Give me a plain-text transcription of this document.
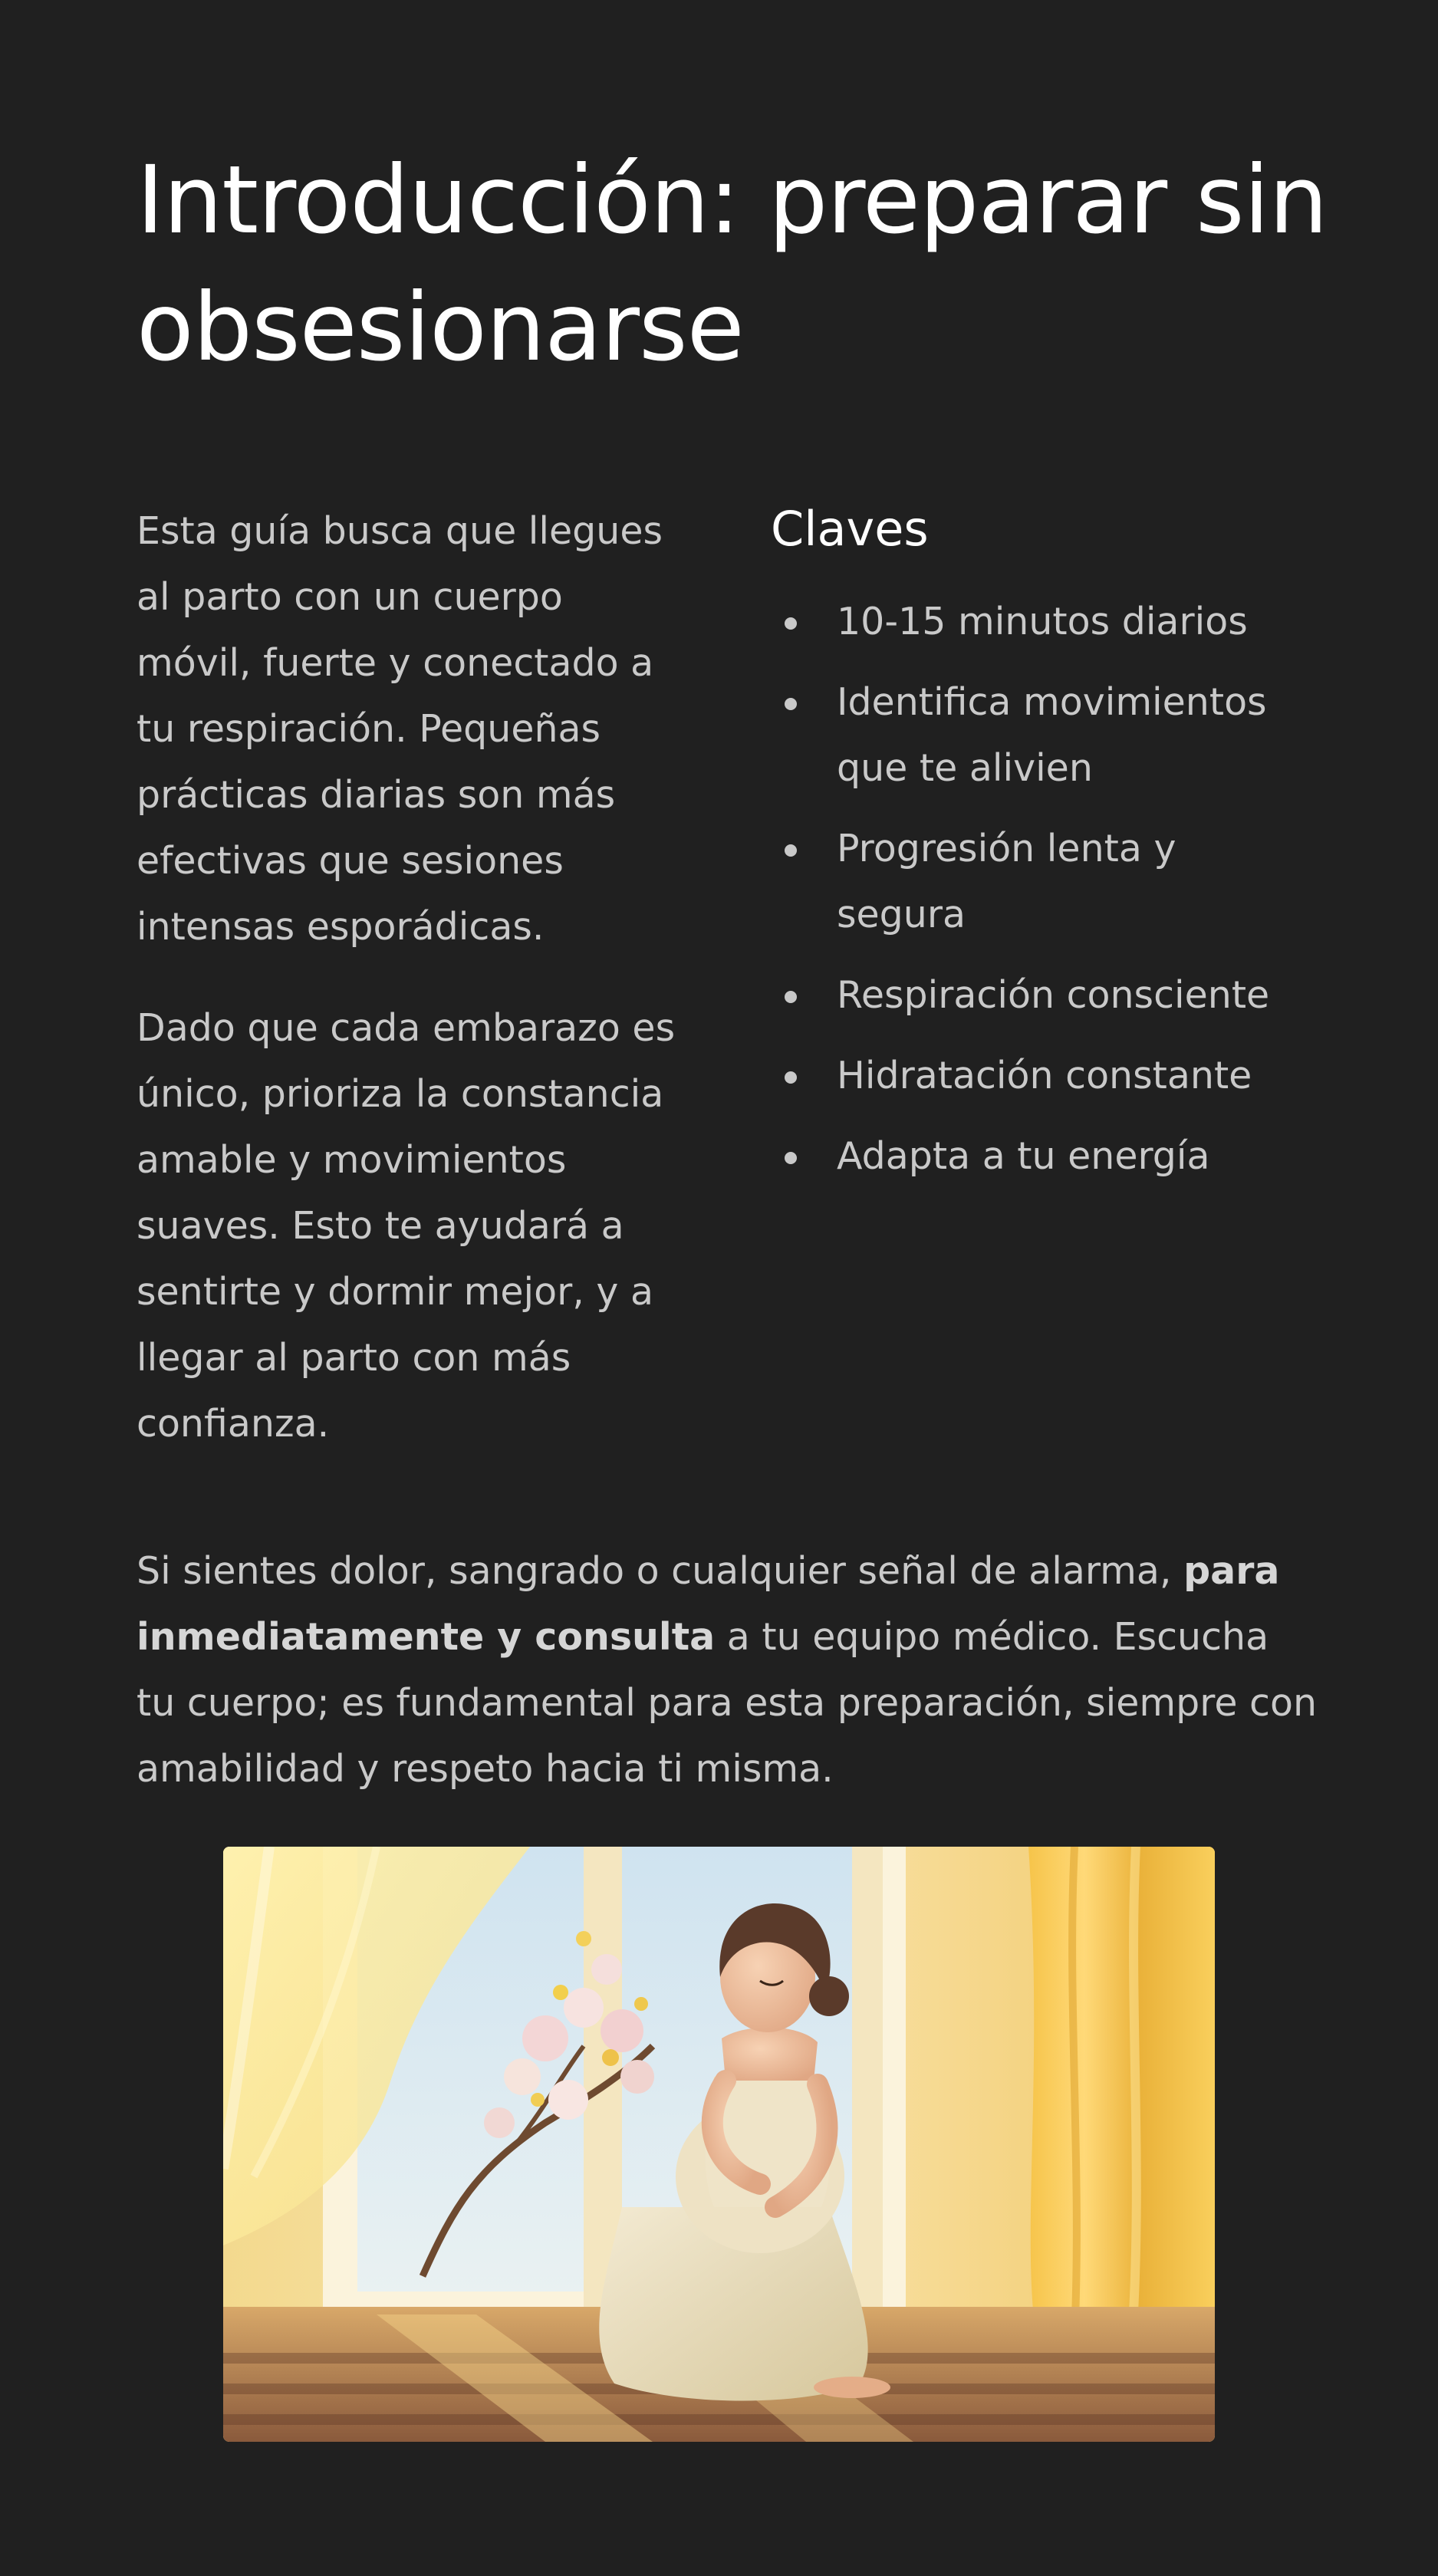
Introducción: preparar sin obsesionarse

Esta guía busca que llegues al parto con un cuerpo móvil, fuerte y conectado a tu respiración. Pequeñas prácticas diarias son más efectivas que sesiones intensas esporádicas.

Dado que cada embarazo es único, prioriza la constancia amable y movimientos suaves. Esto te ayudará a sentirte y dormir mejor, y a llegar al parto con más confianza.

Claves
10-15 minutos diarios
Identifica movimientos que te alivien
Progresión lenta y segura
Respiración consciente
Hidratación constante
Adapta a tu energía

Si sientes dolor, sangrado o cualquier señal de alarma, para inmediatamente y consulta a tu equipo médico. Escucha tu cuerpo; es fundamental para esta preparación, siempre con amabilidad y respeto hacia ti misma.
